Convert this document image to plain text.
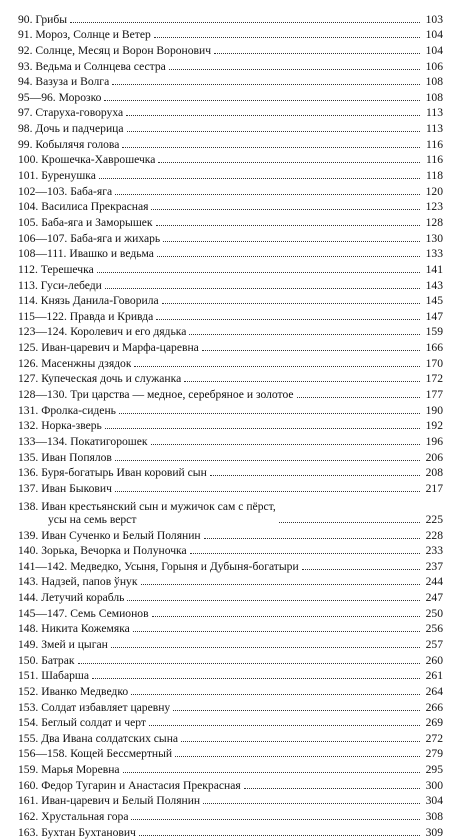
90. Грибы	103
91. Мороз, Солнце и Ветер	104
92. Солнце, Месяц и Ворон Воронович	104
93. Ведьма и Солнцева сестра	106
94. Вазуза и Волга	108
95—96. Морозко	108
97. Старуха-говоруха	113
98. Дочь и падчерица	113
99. Кобылячя голова	116
100. Крошечка-Хаврошечка	116
101. Буренушка	118
102—103. Баба-яга	120
104. Василиса Прекрасная	123
105. Баба-яга и Заморышек	128
106—107. Баба-яга и жихарь	130
108—111. Ивашко и ведьма	133
112. Терешечка	141
113. Гуси-лебеди	143
114. Князь Данила-Говорила	145
115—122. Правда и Кривда	147
123—124. Королевич и его дядька	159
125. Иван-царевич и Марфа-царевна	166
126. Масенжны дзядок	170
127. Купеческая дочь и служанка	172
128—130. Три царства — медное, серебряное и золотое	177
131. Фролка-сидень	190
132. Норка-зверь	192
133—134. Покатигорошек	196
135. Иван Попялов	206
136. Буря-богатырь Иван коровий сын	208
137. Иван Быкович	217
138. Иван крестьянский сын и мужичок сам с пёрст,
усы на семь верст	225
139. Иван Сученко и Белый Полянин	228
140. Зорька, Вечорка и Полуночка	233
141—142. Медведко, Усыня, Горыня и Дубыня-богатыри	237
143. Надзей, папов ўнук	244
144. Летучий корабль	247
145—147. Семь Семионов	250
148. Никита Кожемяка	256
149. Змей и цыган	257
150. Батрак	260
151. Шабарша	261
152. Иванко Медведко	264
153. Солдат избавляет царевну	266
154. Беглый солдат и черт	269
155. Два Ивана солдатских сына	272
156—158. Кощей Бессмертный	279
159. Марья Моревна	295
160. Федор Тугарин и Анастасия Прекрасная	300
161. Иван-царевич и Белый Полянин	304
162. Хрустальная гора	308
163. Бухтан Бухтанович	309
